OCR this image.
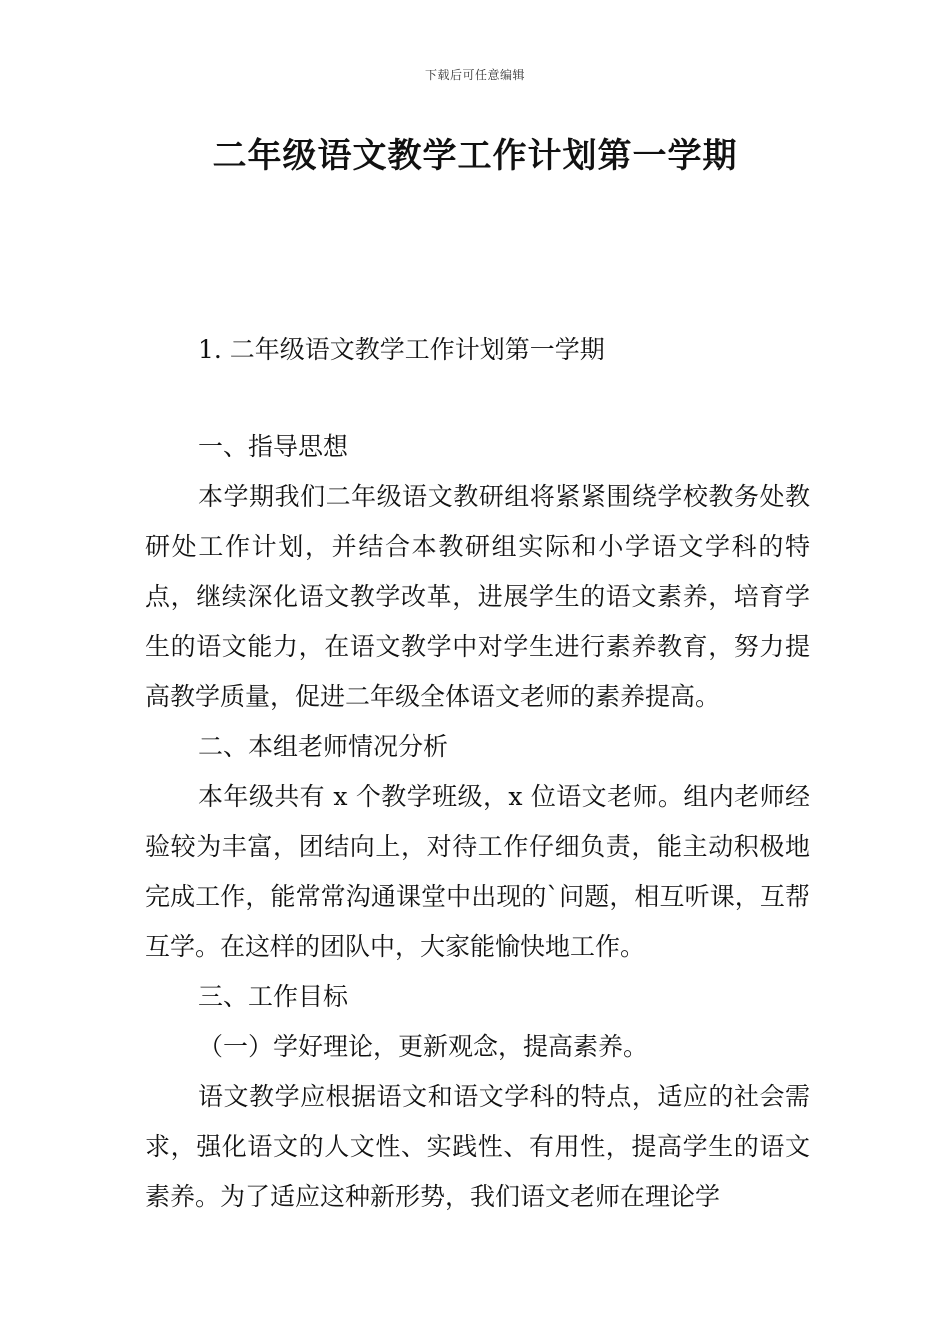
下载后可任意编辑
二年级语文教学工作计划第一学期
1. 二年级语文教学工作计划第一学期

一、指导思想

本学期我们二年级语文教研组将紧紧围绕学校教务处教研处工作计划，并结合本教研组实际和小学语文学科的特点，继续深化语文教学改革，进展学生的语文素养，培育学生的语文能力，在语文教学中对学生进行素养教育，努力提高教学质量，促进二年级全体语文老师的素养提高。

二、本组老师情况分析

本年级共有 x 个教学班级，x 位语文老师。组内老师经验较为丰富，团结向上，对待工作仔细负责，能主动积极地完成工作，能常常沟通课堂中出现的`问题，相互听课，互帮互学。在这样的团队中，大家能愉快地工作。

三、工作目标

（一）学好理论，更新观念，提高素养。

语文教学应根据语文和语文学科的特点，适应的社会需求，强化语文的人文性、实践性、有用性，提高学生的语文素养。为了适应这种新形势，我们语文老师在理论学
